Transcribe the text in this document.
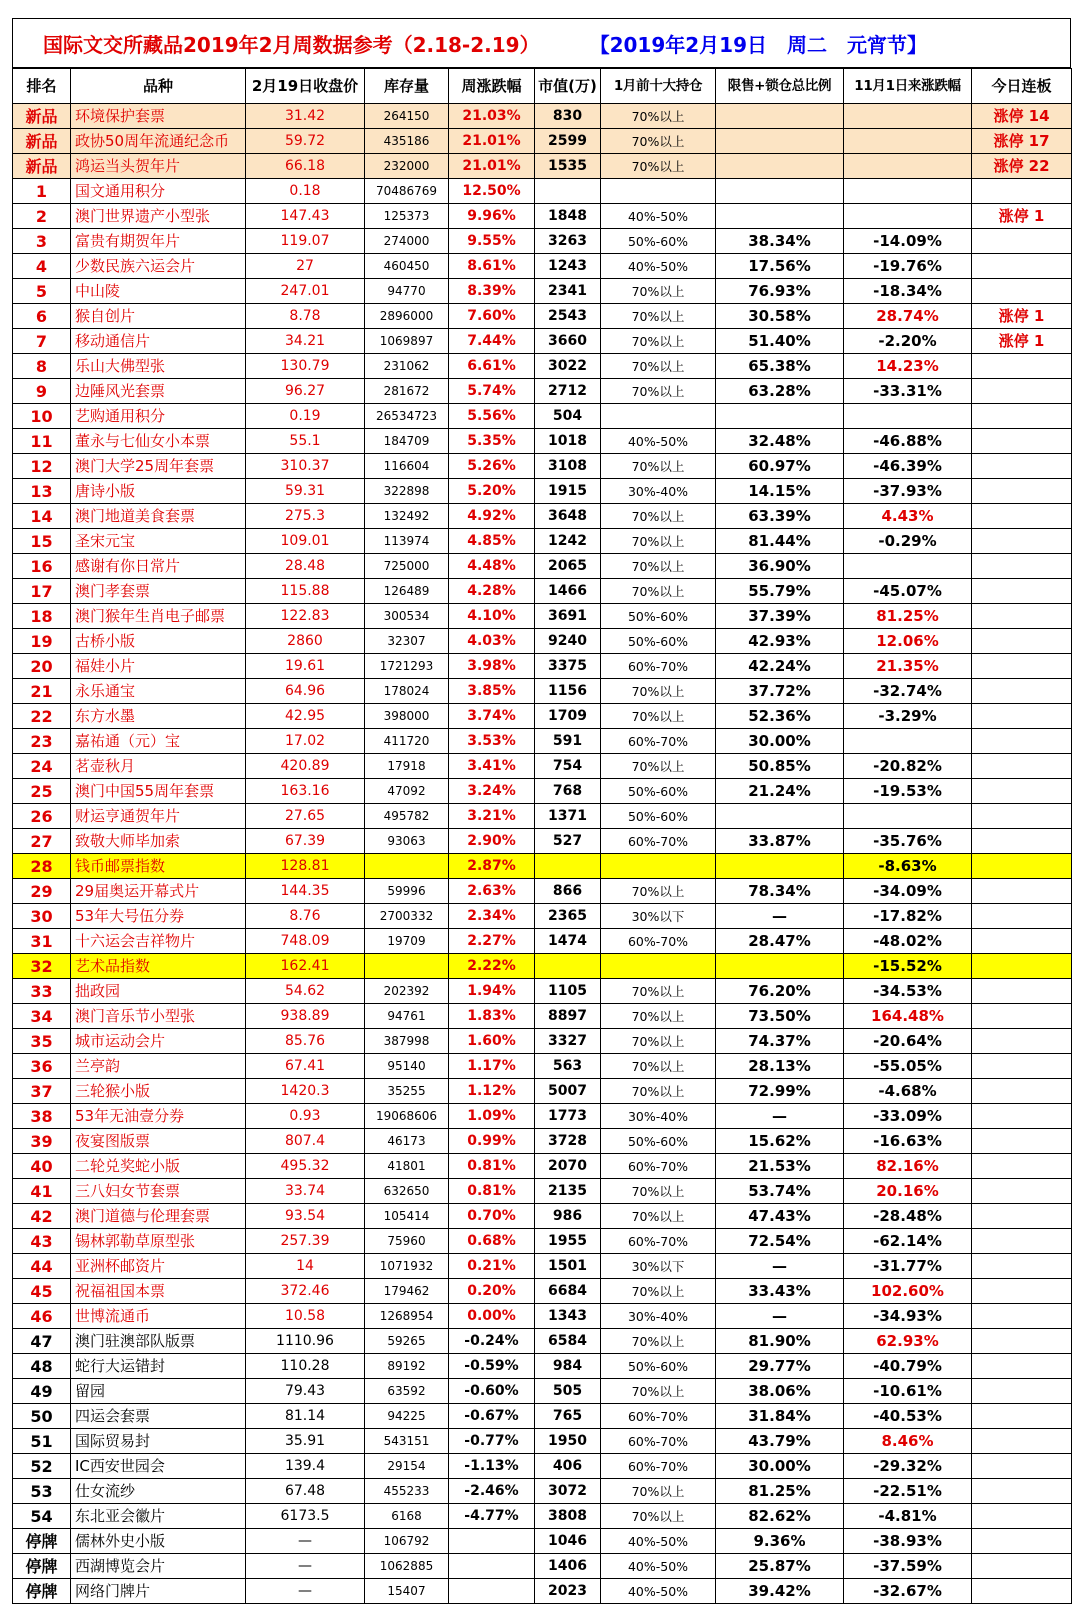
国际文交所藏品2019年2月周数据参考（2.18-2.19）	【2019年2月19日　周二　元宵节】
排名	品种	2月19日收盘价	库存量	周涨跌幅	市值(万)	1月前十大持仓	限售+锁仓总比例	11月1日来涨跌幅	今日连板
新品	环境保护套票	31.42	264150	21.03%	830	70%以上			涨停 14
新品	政协50周年流通纪念币	59.72	435186	21.01%	2599	70%以上			涨停 17
新品	鸿运当头贺年片	66.18	232000	21.01%	1535	70%以上			涨停 22
1	国文通用积分	0.18	70486769	12.50%					
2	澳门世界遗产小型张	147.43	125373	9.96%	1848	40%-50%			涨停 1
3	富贵有期贺年片	119.07	274000	9.55%	3263	50%-60%	38.34%	-14.09%	
4	少数民族六运会片	27	460450	8.61%	1243	40%-50%	17.56%	-19.76%	
5	中山陵	247.01	94770	8.39%	2341	70%以上	76.93%	-18.34%	
6	猴自创片	8.78	2896000	7.60%	2543	70%以上	30.58%	28.74%	涨停 1
7	移动通信片	34.21	1069897	7.44%	3660	70%以上	51.40%	-2.20%	涨停 1
8	乐山大佛型张	130.79	231062	6.61%	3022	70%以上	65.38%	14.23%	
9	边陲风光套票	96.27	281672	5.74%	2712	70%以上	63.28%	-33.31%	
10	艺购通用积分	0.19	26534723	5.56%	504				
11	董永与七仙女小本票	55.1	184709	5.35%	1018	40%-50%	32.48%	-46.88%	
12	澳门大学25周年套票	310.37	116604	5.26%	3108	70%以上	60.97%	-46.39%	
13	唐诗小版	59.31	322898	5.20%	1915	30%-40%	14.15%	-37.93%	
14	澳门地道美食套票	275.3	132492	4.92%	3648	70%以上	63.39%	4.43%	
15	圣宋元宝	109.01	113974	4.85%	1242	70%以上	81.44%	-0.29%	
16	感谢有你日常片	28.48	725000	4.48%	2065	70%以上	36.90%		
17	澳门孝套票	115.88	126489	4.28%	1466	70%以上	55.79%	-45.07%	
18	澳门猴年生肖电子邮票	122.83	300534	4.10%	3691	50%-60%	37.39%	81.25%	
19	古桥小版	2860	32307	4.03%	9240	50%-60%	42.93%	12.06%	
20	福娃小片	19.61	1721293	3.98%	3375	60%-70%	42.24%	21.35%	
21	永乐通宝	64.96	178024	3.85%	1156	70%以上	37.72%	-32.74%	
22	东方水墨	42.95	398000	3.74%	1709	70%以上	52.36%	-3.29%	
23	嘉祐通（元）宝	17.02	411720	3.53%	591	60%-70%	30.00%		
24	茗壶秋月	420.89	17918	3.41%	754	70%以上	50.85%	-20.82%	
25	澳门中国55周年套票	163.16	47092	3.24%	768	50%-60%	21.24%	-19.53%	
26	财运亨通贺年片	27.65	495782	3.21%	1371	50%-60%			
27	致敬大师毕加索	67.39	93063	2.90%	527	60%-70%	33.87%	-35.76%	
28	钱币邮票指数	128.81		2.87%				-8.63%	
29	29届奥运开幕式片	144.35	59996	2.63%	866	70%以上	78.34%	-34.09%	
30	53年大号伍分券	8.76	2700332	2.34%	2365	30%以下	—	-17.82%	
31	十六运会吉祥物片	748.09	19709	2.27%	1474	60%-70%	28.47%	-48.02%	
32	艺术品指数	162.41		2.22%				-15.52%	
33	拙政园	54.62	202392	1.94%	1105	70%以上	76.20%	-34.53%	
34	澳门音乐节小型张	938.89	94761	1.83%	8897	70%以上	73.50%	164.48%	
35	城市运动会片	85.76	387998	1.60%	3327	70%以上	74.37%	-20.64%	
36	兰亭韵	67.41	95140	1.17%	563	70%以上	28.13%	-55.05%	
37	三轮猴小版	1420.3	35255	1.12%	5007	70%以上	72.99%	-4.68%	
38	53年无油壹分券	0.93	19068606	1.09%	1773	30%-40%	—	-33.09%	
39	夜宴图版票	807.4	46173	0.99%	3728	50%-60%	15.62%	-16.63%	
40	二轮兑奖蛇小版	495.32	41801	0.81%	2070	60%-70%	21.53%	82.16%	
41	三八妇女节套票	33.74	632650	0.81%	2135	70%以上	53.74%	20.16%	
42	澳门道德与伦理套票	93.54	105414	0.70%	986	70%以上	47.43%	-28.48%	
43	锡林郭勒草原型张	257.39	75960	0.68%	1955	60%-70%	72.54%	-62.14%	
44	亚洲杯邮资片	14	1071932	0.21%	1501	30%以下	—	-31.77%	
45	祝福祖国本票	372.46	179462	0.20%	6684	70%以上	33.43%	102.60%	
46	世博流通币	10.58	1268954	0.00%	1343	30%-40%	—	-34.93%	
47	澳门驻澳部队版票	1110.96	59265	-0.24%	6584	70%以上	81.90%	62.93%	
48	蛇行大运错封	110.28	89192	-0.59%	984	50%-60%	29.77%	-40.79%	
49	留园	79.43	63592	-0.60%	505	70%以上	38.06%	-10.61%	
50	四运会套票	81.14	94225	-0.67%	765	60%-70%	31.84%	-40.53%	
51	国际贸易封	35.91	543151	-0.77%	1950	60%-70%	43.79%	8.46%	
52	IC西安世园会	139.4	29154	-1.13%	406	60%-70%	30.00%	-29.32%	
53	仕女流纱	67.48	455233	-2.46%	3072	70%以上	81.25%	-22.51%	
54	东北亚会徽片	6173.5	6168	-4.77%	3808	70%以上	82.62%	-4.81%	
停牌	儒林外史小版	—	106792		1046	40%-50%	9.36%	-38.93%	
停牌	西湖博览会片	—	1062885		1406	40%-50%	25.87%	-37.59%	
停牌	网络门牌片	—	15407		2023	40%-50%	39.42%	-32.67%	
